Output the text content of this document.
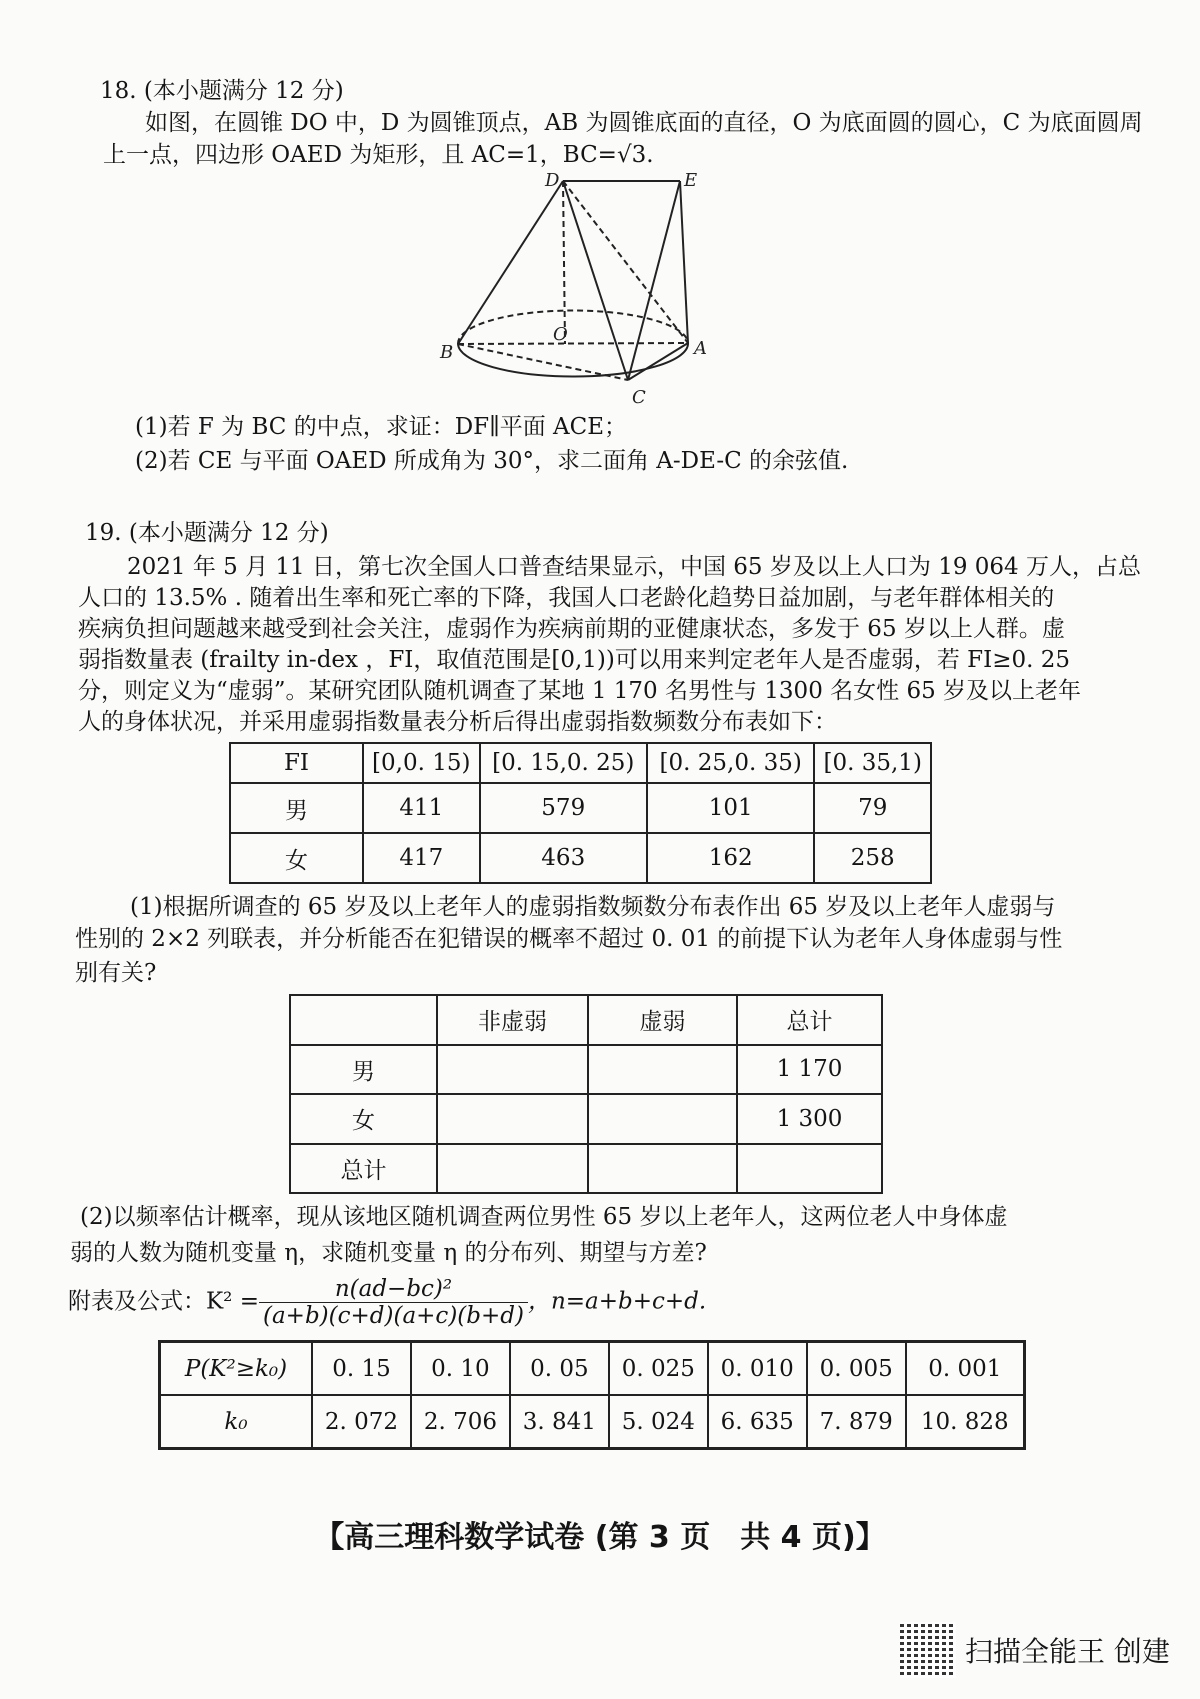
18. (本小题满分 12 分)
如图，在圆锥 DO 中，D 为圆锥顶点，AB 为圆锥底面的直径，O 为底面圆的圆心，C 为底面圆周
上一点，四边形 OAED 为矩形，且 AC=1，BC=√3.
D	E
B	A
O
C
(1)若 F 为 BC 的中点，求证：DF∥平面 ACE；
(2)若 CE 与平面 OAED 所成角为 30°，求二面角 A-DE-C 的余弦值.
19. (本小题满分 12 分)
2021 年 5 月 11 日，第七次全国人口普查结果显示，中国 65 岁及以上人口为 19 064 万人，占总
人口的 13.5% . 随着出生率和死亡率的下降，我国人口老龄化趋势日益加剧，与老年群体相关的
疾病负担问题越来越受到社会关注，虚弱作为疾病前期的亚健康状态，多发于 65 岁以上人群。虚
弱指数量表 (frailty in-dex ，FI，取值范围是[0,1))可以用来判定老年人是否虚弱，若 FI≥0. 25
分，则定义为“虚弱”。某研究团队随机调查了某地 1 170 名男性与 1300 名女性 65 岁及以上老年
人的身体状况，并采用虚弱指数量表分析后得出虚弱指数频数分布表如下：
FI	[0,0. 15)	[0. 15,0. 25)	[0. 25,0. 35)	[0. 35,1)
男	411	579	101	79
女	417	463	162	258
(1)根据所调查的 65 岁及以上老年人的虚弱指数频数分布表作出 65 岁及以上老年人虚弱与
性别的 2×2 列联表，并分析能否在犯错误的概率不超过 0. 01 的前提下认为老年人身体虚弱与性
别有关?
	非虚弱	虚弱	总计
男			1 170
女			1 300
总计			
(2)以频率估计概率，现从该地区随机调查两位男性 65 岁以上老年人，这两位老人中身体虚
弱的人数为随机变量 η，求随机变量 η 的分布列、期望与方差?
附表及公式：$K^2 = \frac{\text{n(ad−bc)²}}{(a+b)(c+d)(a+c)(b+d)}$ ，n=a+b+c+d.
P(K²≥k₀)	0. 15	0. 10	0. 05	0. 025	0. 010	0. 005	0. 001
k₀	2. 072	2. 706	3. 841	5. 024	6. 635	7. 879	10. 828
【高三理科数学试卷 (第 3 页　共 4 页)】
扫描全能王 创建
